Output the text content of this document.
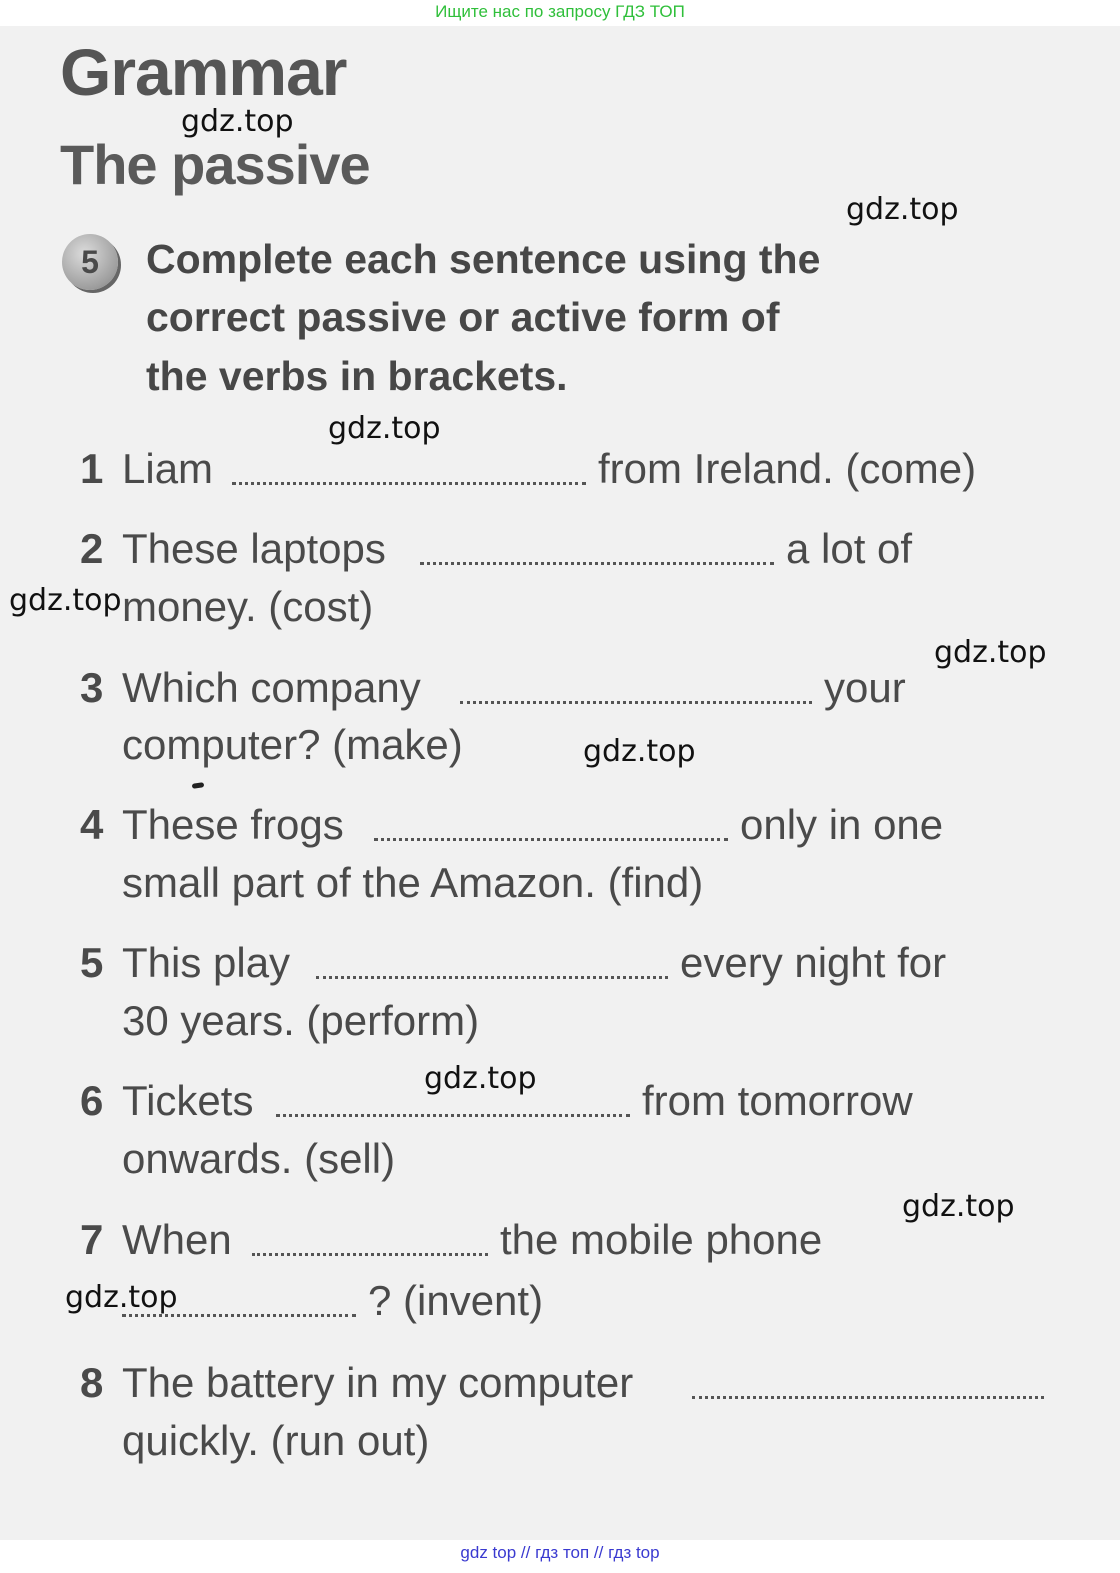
Ищите нас по запросу ГДЗ ТОП
Grammar
The passive
5	Complete each sentence using the

correct passive or active form of

the verbs in brackets.

1 Liam	from Ireland. (come)
2 These laptops	a lot of
money. (cost)
3 Which company	your
computer? (make)
4 These frogs	only in one
small part of the Amazon. (find)
5 This play	every night for
30 years. (perform)
6 Tickets	from tomorrow
onwards. (sell)
7 When	the mobile phone
? (invent)
8 The battery in my computer
quickly. (run out)
gdz.top
gdz.top
gdz.top
gdz.top
gdz.top
gdz.top
gdz.top
gdz.top
gdz.top
gdz top // гдз топ // гдз top
